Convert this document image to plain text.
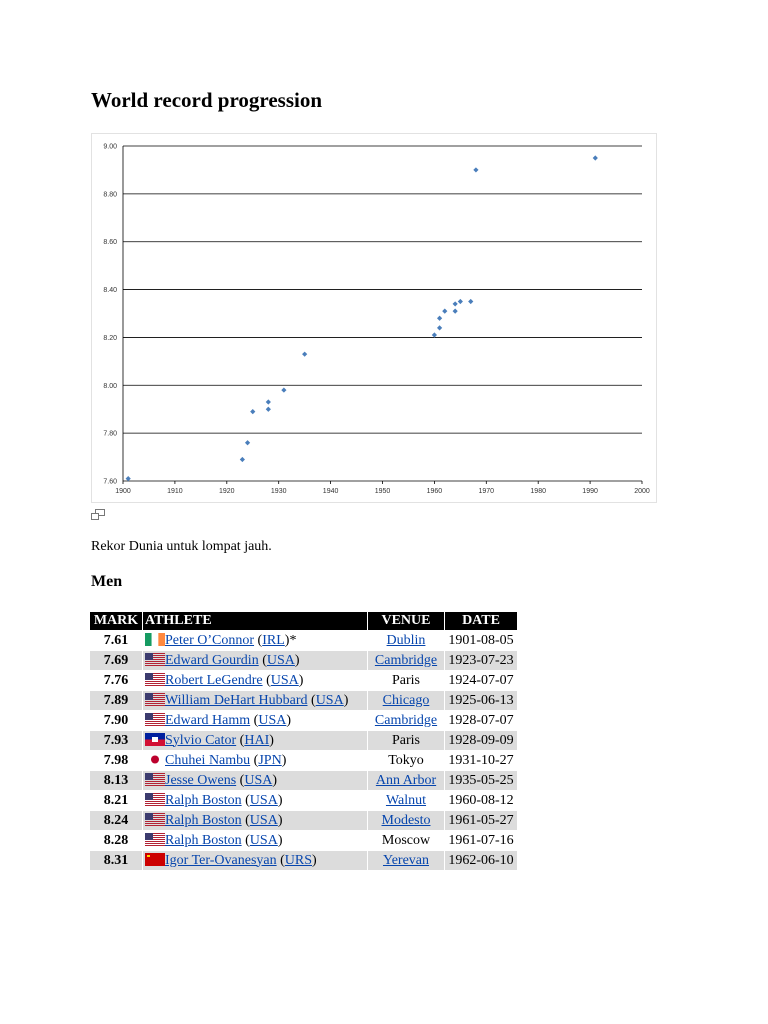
World record progression
7.60
7.80
8.00
8.20
8.40
8.60
8.80
9.00
1900	1910	1920	1930	1940	1950	1960	1970	1980	1990	2000

Rekor Dunia untuk lompat jauh.

Men
MARK	ATHLETE	VENUE	DATE
7.61	Peter O’Connor (IRL)*	Dublin	1901-08-05
7.69	Edward Gourdin (USA)	Cambridge	1923-07-23
7.76	Robert LeGendre (USA)	Paris	1924-07-07
7.89	William DeHart Hubbard (USA)	Chicago	1925-06-13
7.90	Edward Hamm (USA)	Cambridge	1928-07-07
7.93	Sylvio Cator (HAI)	Paris	1928-09-09
7.98	Chuhei Nambu (JPN)	Tokyo	1931-10-27
8.13	Jesse Owens (USA)	Ann Arbor	1935-05-25
8.21	Ralph Boston (USA)	Walnut	1960-08-12
8.24	Ralph Boston (USA)	Modesto	1961-05-27
8.28	Ralph Boston (USA)	Moscow	1961-07-16
8.31	Igor Ter-Ovanesyan (URS)	Yerevan	1962-06-10
